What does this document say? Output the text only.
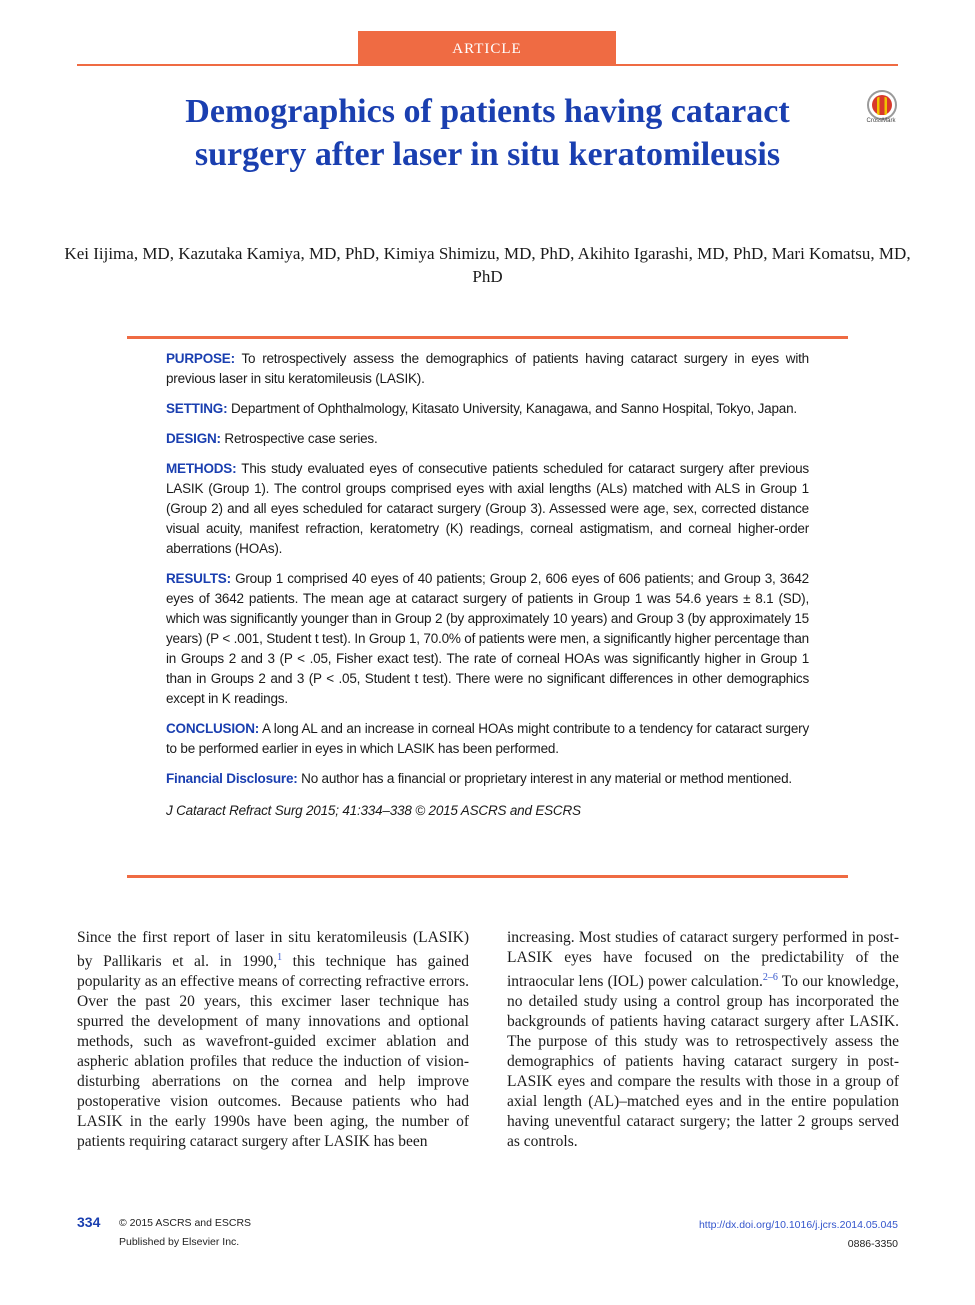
ARTICLE
Demographics of patients having cataract surgery after laser in situ keratomileusis
CrossMark
Kei Iijima, MD, Kazutaka Kamiya, MD, PhD, Kimiya Shimizu, MD, PhD, Akihito Igarashi, MD, PhD, Mari Komatsu, MD, PhD

PURPOSE: To retrospectively assess the demographics of patients having cataract surgery in eyes with previous laser in situ keratomileusis (LASIK).

SETTING: Department of Ophthalmology, Kitasato University, Kanagawa, and Sanno Hospital, Tokyo, Japan.

DESIGN: Retrospective case series.

METHODS: This study evaluated eyes of consecutive patients scheduled for cataract surgery after previous LASIK (Group 1). The control groups comprised eyes with axial lengths (ALs) matched with ALS in Group 1 (Group 2) and all eyes scheduled for cataract surgery (Group 3). Assessed were age, sex, corrected distance visual acuity, manifest refraction, keratometry (K) readings, corneal astigmatism, and corneal higher-order aberrations (HOAs).

RESULTS: Group 1 comprised 40 eyes of 40 patients; Group 2, 606 eyes of 606 patients; and Group 3, 3642 eyes of 3642 patients. The mean age at cataract surgery of patients in Group 1 was 54.6 years ± 8.1 (SD), which was significantly younger than in Group 2 (by approximately 10 years) and Group 3 (by approximately 15 years) (P < .001, Student t test). In Group 1, 70.0% of patients were men, a significantly higher percentage than in Groups 2 and 3 (P < .05, Fisher exact test). The rate of corneal HOAs was significantly higher in Group 1 than in Groups 2 and 3 (P < .05, Student t test). There were no significant differences in other demographics except in K readings.

CONCLUSION: A long AL and an increase in corneal HOAs might contribute to a tendency for cataract surgery to be performed earlier in eyes in which LASIK has been performed.

Financial Disclosure: No author has a financial or proprietary interest in any material or method mentioned.

J Cataract Refract Surg 2015; 41:334–338 © 2015 ASCRS and ESCRS

Since the first report of laser in situ keratomileusis (LASIK) by Pallikaris et al. in 1990,$^1$ this technique has gained popularity as an effective means of correcting refractive errors. Over the past 20 years, this excimer laser technique has spurred the development of many innovations and optional methods, such as wavefront-guided excimer ablation and aspheric ablation profiles that reduce the induction of vision-disturbing aberrations on the cornea and help improve postoperative vision outcomes. Because patients who had LASIK in the early 1990s have been aging, the number of patients requiring cataract surgery after LASIK has been

increasing. Most studies of cataract surgery performed in post-LASIK eyes have focused on the predictability of the intraocular lens (IOL) power calculation.$^{2-6}$ To our knowledge, no detailed study using a control group has incorporated the backgrounds of patients having cataract surgery after LASIK. The purpose of this study was to retrospectively assess the demographics of patients having cataract surgery in post-LASIK eyes and compare the results with those in a group of axial length (AL)–matched eyes and in the entire population having uneventful cataract surgery; the latter 2 groups served as controls.

334 © 2015 ASCRS and ESCRS
Published by Elsevier Inc.
http://dx.doi.org/10.1016/j.jcrs.2014.05.045
0886-3350
